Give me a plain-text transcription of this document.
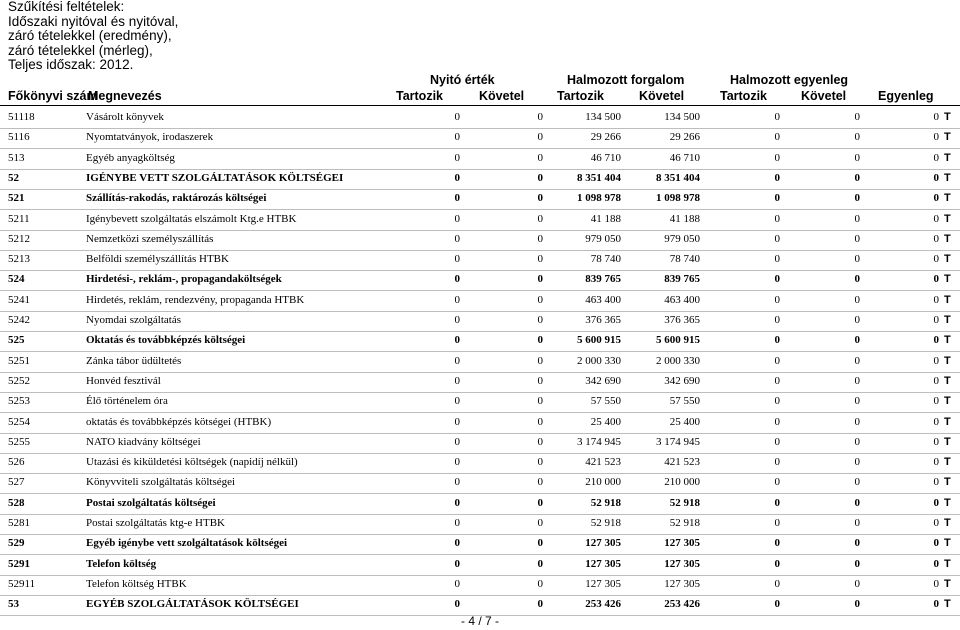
Szűkítési feltételek:
Időszaki nyitóval és nyitóval,
záró tételekkel (eredmény),
záró tételekkel (mérleg),
Teljes időszak: 2012.
Nyitó érték	Halmozott forgalom	Halmozott egyenleg
Főkönyvi szám
Megnevezés	Tartozik	Követel	Tartozik	Követel	Tartozik	Követel	Egyenleg
51118	Vásárolt könyvek	0	0	134 500	134 500	0	0	0 T
5116	Nyomtatványok, irodaszerek	0	0	29 266	29 266	0	0	0 T
513	Egyéb anyagköltség	0	0	46 710	46 710	0	0	0 T
52	IGÉNYBE VETT SZOLGÁLTATÁSOK KÖLTSÉGEI	0	0	8 351 404	8 351 404	0	0	0 T
521	Szállítás-rakodás, raktározás költségei	0	0	1 098 978	1 098 978	0	0	0 T
5211	Igénybevett szolgáltatás elszámolt Ktg.e HTBK	0	0	41 188	41 188	0	0	0 T
5212	Nemzetközi személyszállítás	0	0	979 050	979 050	0	0	0 T
5213	Belföldi személyszállítás HTBK	0	0	78 740	78 740	0	0	0 T
524	Hirdetési-, reklám-, propagandaköltségek	0	0	839 765	839 765	0	0	0 T
5241	Hirdetés, reklám, rendezvény, propaganda HTBK	0	0	463 400	463 400	0	0	0 T
5242	Nyomdai szolgáltatás	0	0	376 365	376 365	0	0	0 T
525	Oktatás és továbbképzés költségei	0	0	5 600 915	5 600 915	0	0	0 T
5251	Zánka tábor üdültetés	0	0	2 000 330	2 000 330	0	0	0 T
5252	Honvéd fesztivál	0	0	342 690	342 690	0	0	0 T
5253	Élő történelem óra	0	0	57 550	57 550	0	0	0 T
5254	oktatás és továbbképzés kötségei (HTBK)	0	0	25 400	25 400	0	0	0 T
5255	NATO kiadvány költségei	0	0	3 174 945	3 174 945	0	0	0 T
526	Utazási és kiküldetési költségek (napidíj nélkül)	0	0	421 523	421 523	0	0	0 T
527	Könyvviteli szolgáltatás költségei	0	0	210 000	210 000	0	0	0 T
528	Postai szolgáltatás költségei	0	0	52 918	52 918	0	0	0 T
5281	Postai szolgáltatás ktg-e HTBK	0	0	52 918	52 918	0	0	0 T
529	Egyéb igénybe vett szolgáltatások költségei	0	0	127 305	127 305	0	0	0 T
5291	Telefon költség	0	0	127 305	127 305	0	0	0 T
52911	Telefon költség HTBK	0	0	127 305	127 305	0	0	0 T
53	EGYÉB SZOLGÁLTATÁSOK KÖLTSÉGEI	0	0	253 426	253 426	0	0	0 T
- 4 / 7 -
